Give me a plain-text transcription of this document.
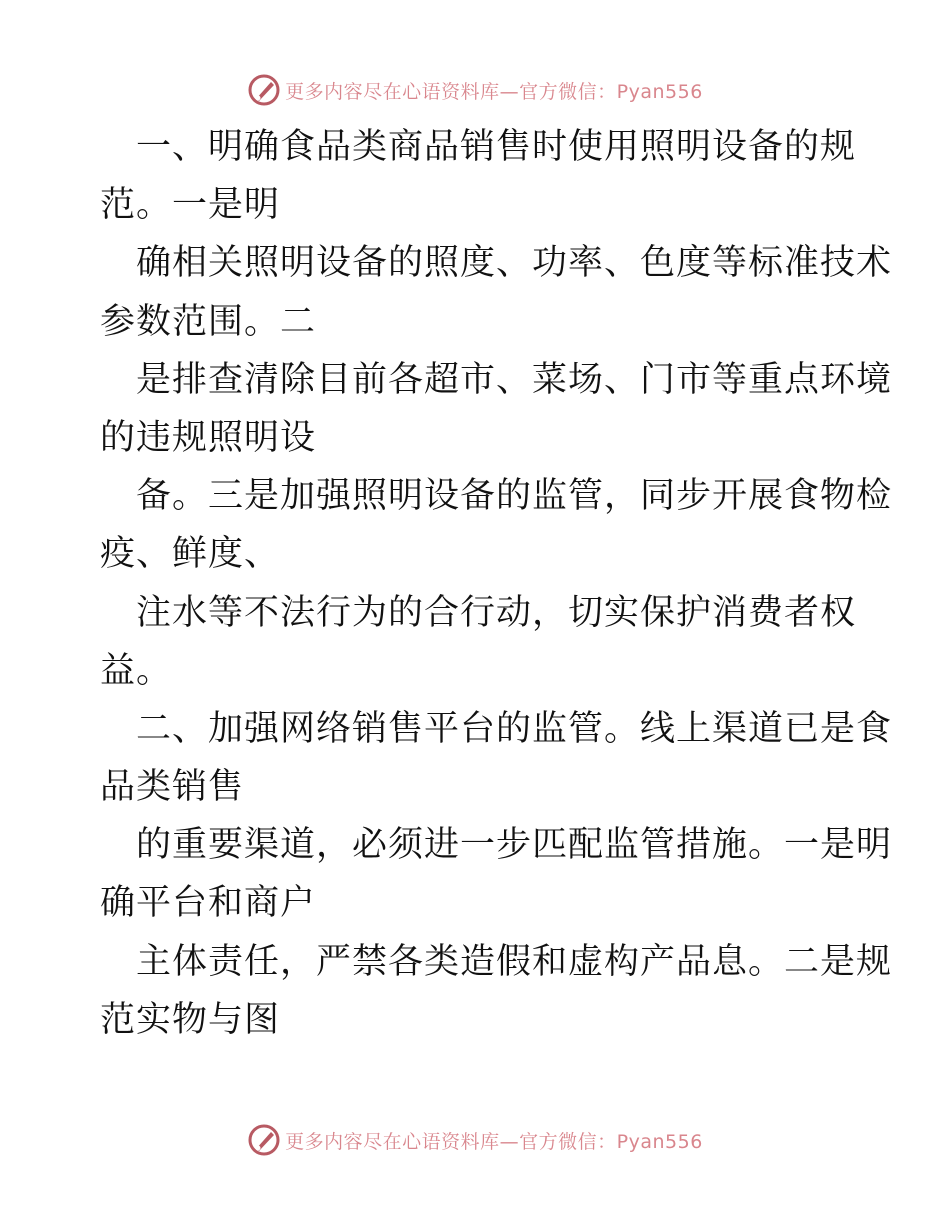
更多内容尽在心语资料库—官方微信：Pyan556
一、明确食品类商品销售时使用照明设备的规
范。一是明
确相关照明设备的照度、功率、色度等标准技术
参数范围。二
是排查清除目前各超市、菜场、门市等重点环境
的违规照明设
备。三是加强照明设备的监管，同步开展食物检
疫、鲜度、
注水等不法行为的合行动，切实保护消费者权
益。
二、加强网络销售平台的监管。线上渠道已是食
品类销售
的重要渠道，必须进一步匹配监管措施。一是明
确平台和商户
主体责任，严禁各类造假和虚构产品息。二是规
范实物与图
更多内容尽在心语资料库—官方微信：Pyan556
